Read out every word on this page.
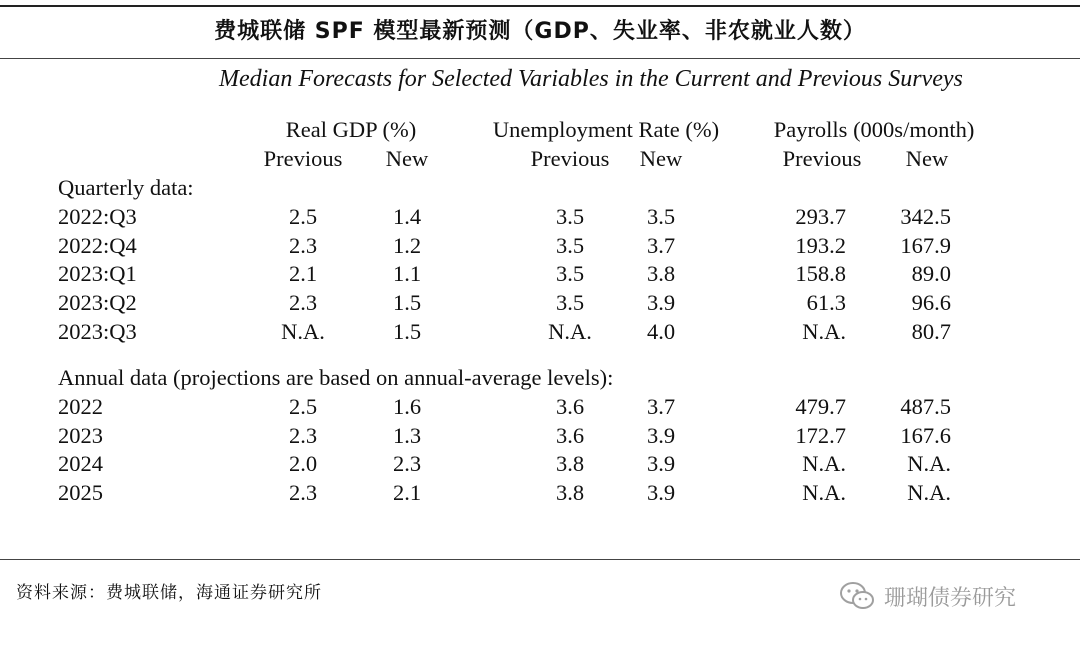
费城联储 SPF 模型最新预测（GDP、失业率、非农就业人数）
Median Forecasts for Selected Variables in the Current and Previous Surveys
Real GDP (%)	Unemployment Rate (%) Payrolls (000s/month)
Previous New	Previous New	Previous New
Quarterly data:
2022:Q3	2.5	1.4	3.5	3.5	293.7 342.5
2022:Q4	2.3	1.2	3.5	3.7	193.2 167.9
2023:Q1	2.1	1.1	3.5	3.8	158.8	89.0
2023:Q2	2.3	1.5	3.5	3.9	61.3	96.6
2023:Q3	N.A.	1.5	N.A. 4.0	N.A.	80.7
Annual data (projections are based on annual-average levels):
2022	2.5	1.6	3.6	3.7	479.7 487.5
2023	2.3	1.3	3.6	3.9	172.7 167.6
2024	2.0	2.3	3.8	3.9	N.A.	N.A.
2025	2.3	2.1	3.8	3.9	N.A.	N.A.
资料来源：费城联储，海通证券研究所	珊瑚债券研究
